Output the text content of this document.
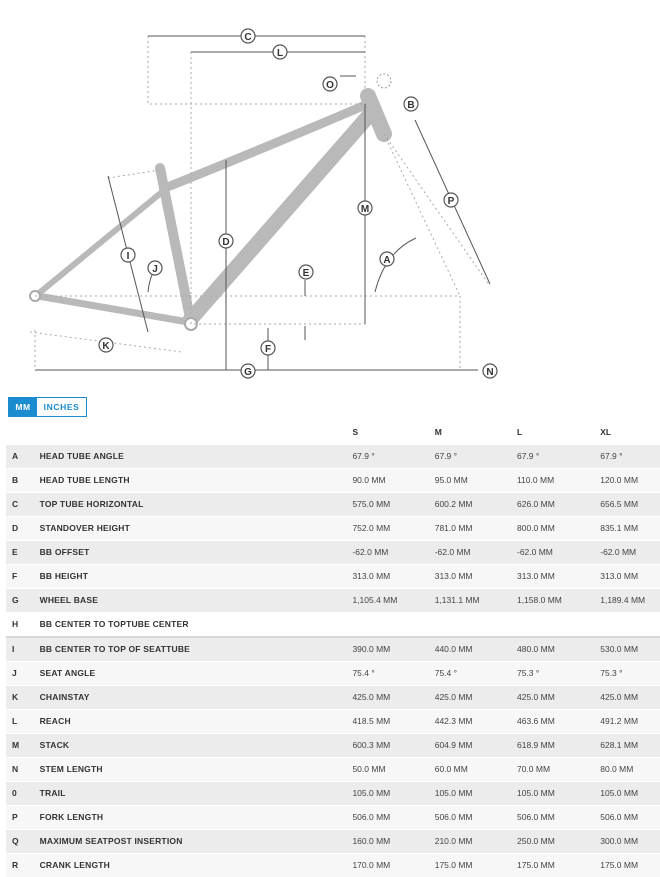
C
L
O
B
P
M
D
A
I
J	E
K	F
G	N
MM	INCHES
		S	M	L	XL
A	HEAD TUBE ANGLE	67.9 °	67.9 °	67.9 °	67.9 °
B	HEAD TUBE LENGTH	90.0 MM	95.0 MM	110.0 MM	120.0 MM
C	TOP TUBE HORIZONTAL	575.0 MM	600.2 MM	626.0 MM	656.5 MM
D	STANDOVER HEIGHT	752.0 MM	781.0 MM	800.0 MM	835.1 MM
E	BB OFFSET	-62.0 MM	-62.0 MM	-62.0 MM	-62.0 MM
F	BB HEIGHT	313.0 MM	313.0 MM	313.0 MM	313.0 MM
G	WHEEL BASE	1,105.4 MM	1,131.1 MM	1,158.0 MM	1,189.4 MM
H	BB CENTER TO TOPTUBE CENTER				
I	BB CENTER TO TOP OF SEATTUBE	390.0 MM	440.0 MM	480.0 MM	530.0 MM
J	SEAT ANGLE	75.4 °	75.4 °	75.3 °	75.3 °
K	CHAINSTAY	425.0 MM	425.0 MM	425.0 MM	425.0 MM
L	REACH	418.5 MM	442.3 MM	463.6 MM	491.2 MM
M	STACK	600.3 MM	604.9 MM	618.9 MM	628.1 MM
N	STEM LENGTH	50.0 MM	60.0 MM	70.0 MM	80.0 MM
0	TRAIL	105.0 MM	105.0 MM	105.0 MM	105.0 MM
P	FORK LENGTH	506.0 MM	506.0 MM	506.0 MM	506.0 MM
Q	MAXIMUM SEATPOST INSERTION	160.0 MM	210.0 MM	250.0 MM	300.0 MM
R	CRANK LENGTH	170.0 MM	175.0 MM	175.0 MM	175.0 MM
